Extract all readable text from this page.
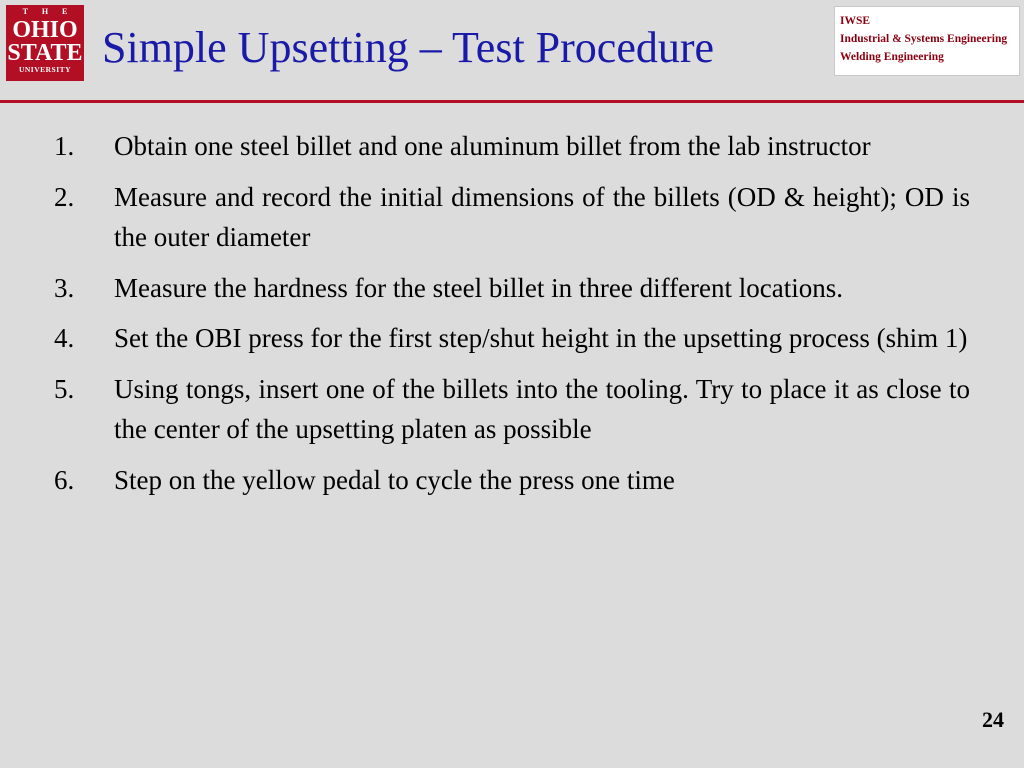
T H E
OHIO
STATE
UNIVERSITY Simple Upsetting – Test Procedure
IWSE
Industrial & Systems Engineering
Welding Engineering
1. Obtain one steel billet and one aluminum billet from the lab instructor
2. Measure and record the initial dimensions of the billets (OD & height); OD is the outer diameter
3. Measure the hardness for the steel billet in three different locations.
4. Set the OBI press for the first step/shut height in the upsetting process (shim 1)
5. Using tongs, insert one of the billets into the tooling. Try to place it as close to the center of the upsetting platen as possible
6. Step on the yellow pedal to cycle the press one time
24
